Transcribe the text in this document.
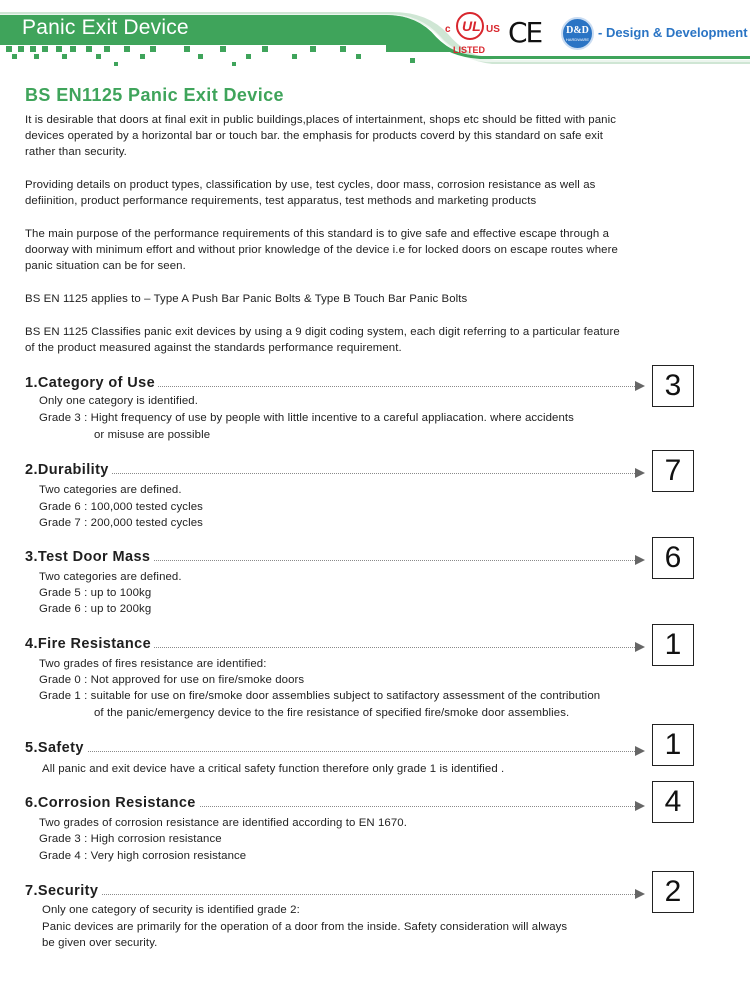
Panic Exit Device	c UL US
LISTED
CE	D&D
HARDWARE - Design & Development
BS EN1125 Panic Exit Device
It is desirable that doors at final exit in public buildings,places of intertainment, shops etc should be fitted with panic
devices operated by a horizontal bar or touch bar. the emphasis for products coverd by this standard on safe exit
rather than security.
Providing details on product types, classification by use, test cycles, door mass, corrosion resistance as well as
defiinition, product performance requirements, test apparatus, test methods and marketing products
The main purpose of the performance requirements of this standard is to give safe and effective escape through a
doorway with minimum effort and without prior knowledge of the device i.e for locked doors on escape routes where
panic situation can be for seen.
BS EN 1125 applies to – Type A Push Bar Panic Bolts & Type B Touch Bar Panic Bolts
BS EN 1125 Classifies panic exit devices by using a 9 digit coding system, each digit referring to a particular feature
of the product measured against the standards performance requirement.
1.Category of Use	3
Only one category is identified.
Grade 3 : Hight frequency of use by people with little incentive to a careful appliacation. where accidents
or misuse are possible
2.Durability	7
Two categories are defined.
Grade 6 : 100,000 tested cycles
Grade 7 : 200,000 tested cycles
3.Test Door Mass	6
Two categories are defined.
Grade 5 : up to 100kg
Grade 6 : up to 200kg
4.Fire Resistance	1
Two grades of fires resistance are identified:
Grade 0 : Not approved for use on fire/smoke doors
Grade 1 : suitable for use on fire/smoke door assemblies subject to satifactory assessment of the contribution
of the panic/emergency device to the fire resistance of specified fire/smoke door assemblies.
5.Safety	1
All panic and exit device have a critical safety function therefore only grade 1 is identified .
6.Corrosion Resistance	4
Two grades of corrosion resistance are identified according to EN 1670.
Grade 3 : High corrosion resistance
Grade 4 : Very high corrosion resistance
7.Security	2
Only one category of security is identified grade 2:
Panic devices are primarily for the operation of a door from the inside. Safety consideration will always
be given over security.
